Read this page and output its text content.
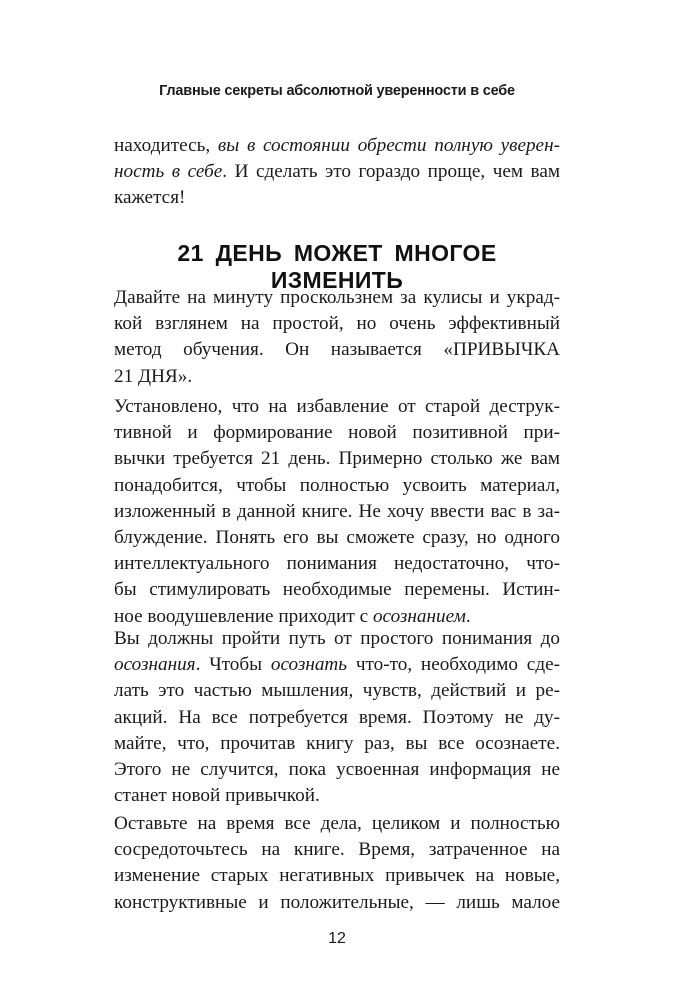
Главные секреты абсолютной уверенности в себе

находитесь, вы в состоянии обрести полную уверен-
ность в себе. И сделать это гораздо проще, чем вам
кажется!

21 ДЕНЬ МОЖЕТ МНОГОЕ ИЗМЕНИТЬ

Давайте на минуту проскользнем за кулисы и украд-
кой взглянем на простой, но очень эффективный
метод обучения. Он называется «ПРИВЫЧКА
21 ДНЯ».

Установлено, что на избавление от старой деструк-
тивной и формирование новой позитивной при-
вычки требуется 21 день. Примерно столько же вам
понадобится, чтобы полностью усвоить материал,
изложенный в данной книге. Не хочу ввести вас в за-
блуждение. Понять его вы сможете сразу, но одного
интеллектуального понимания недостаточно, что-
бы стимулировать необходимые перемены. Истин-
ное воодушевление приходит с осознанием.

Вы должны пройти путь от простого понимания до
осознания. Чтобы осознать что-то, необходимо сде-
лать это частью мышления, чувств, действий и ре-
акций. На все потребуется время. Поэтому не ду-
майте, что, прочитав книгу раз, вы все осознаете.
Этого не случится, пока усвоенная информация не
станет новой привычкой.

Оставьте на время все дела, целиком и полностью
сосредоточьтесь на книге. Время, затраченное на
изменение старых негативных привычек на новые,
конструктивные и положительные, — лишь малое

12
